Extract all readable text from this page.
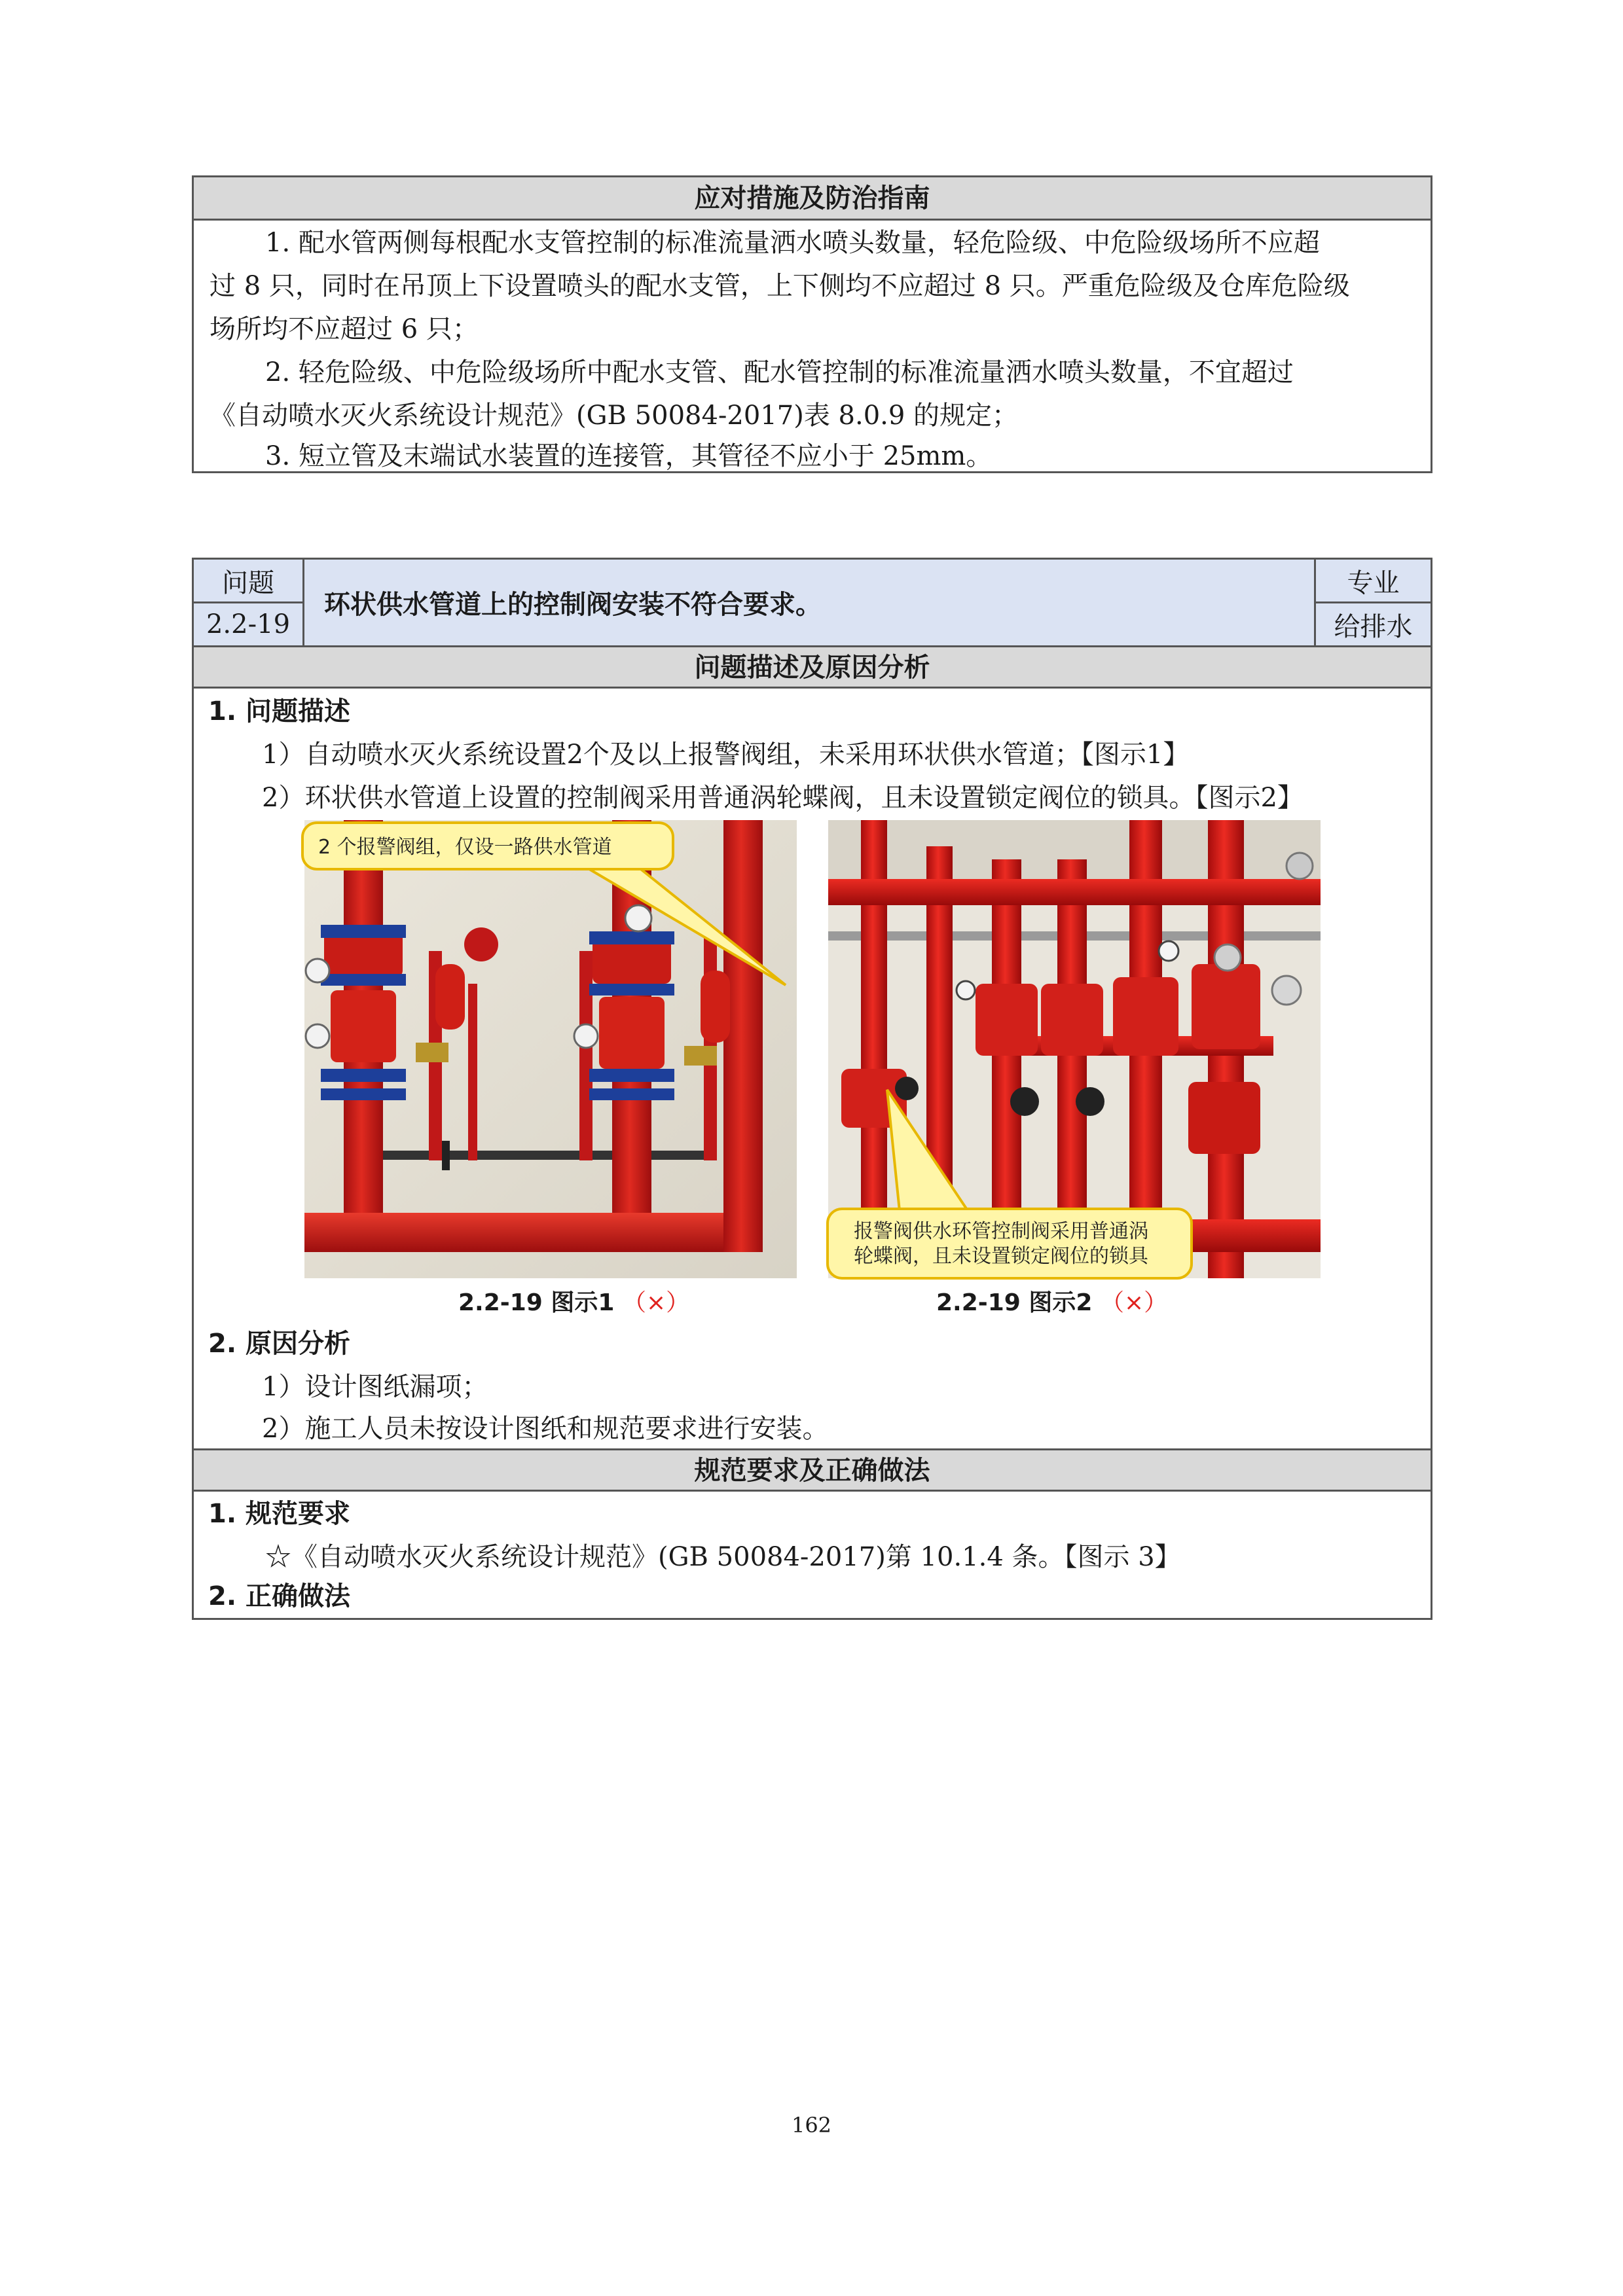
应对措施及防治指南
1. 配水管两侧每根配水支管控制的标准流量洒水喷头数量，轻危险级、中危险级场所不应超
过 8 只，同时在吊顶上下设置喷头的配水支管，上下侧均不应超过 8 只。严重危险级及仓库危险级
场所均不应超过 6 只；
2. 轻危险级、中危险级场所中配水支管、配水管控制的标准流量洒水喷头数量，不宜超过
《自动喷水灭火系统设计规范》(GB 50084-2017)表 8.0.9 的规定；
3. 短立管及末端试水装置的连接管，其管径不应小于 25mm。
问题
2.2-19
环状供水管道上的控制阀安装不符合要求。
专业
给排水
问题描述及原因分析
1. 问题描述
1）自动喷水灭火系统设置2个及以上报警阀组，未采用环状供水管道；【图示1】
2）环状供水管道上设置的控制阀采用普通涡轮蝶阀，且未设置锁定阀位的锁具。【图示2】
2 个报警阀组，仅设一路供水管道
报警阀供水环管控制阀采用普通涡
轮蝶阀，且未设置锁定阀位的锁具
2.2-19 图示1 （×）	2.2-19 图示2 （×）
2. 原因分析
1）设计图纸漏项；
2）施工人员未按设计图纸和规范要求进行安装。
规范要求及正确做法
1. 规范要求
☆《自动喷水灭火系统设计规范》(GB 50084-2017)第 10.1.4 条。【图示 3】
2. 正确做法
162
